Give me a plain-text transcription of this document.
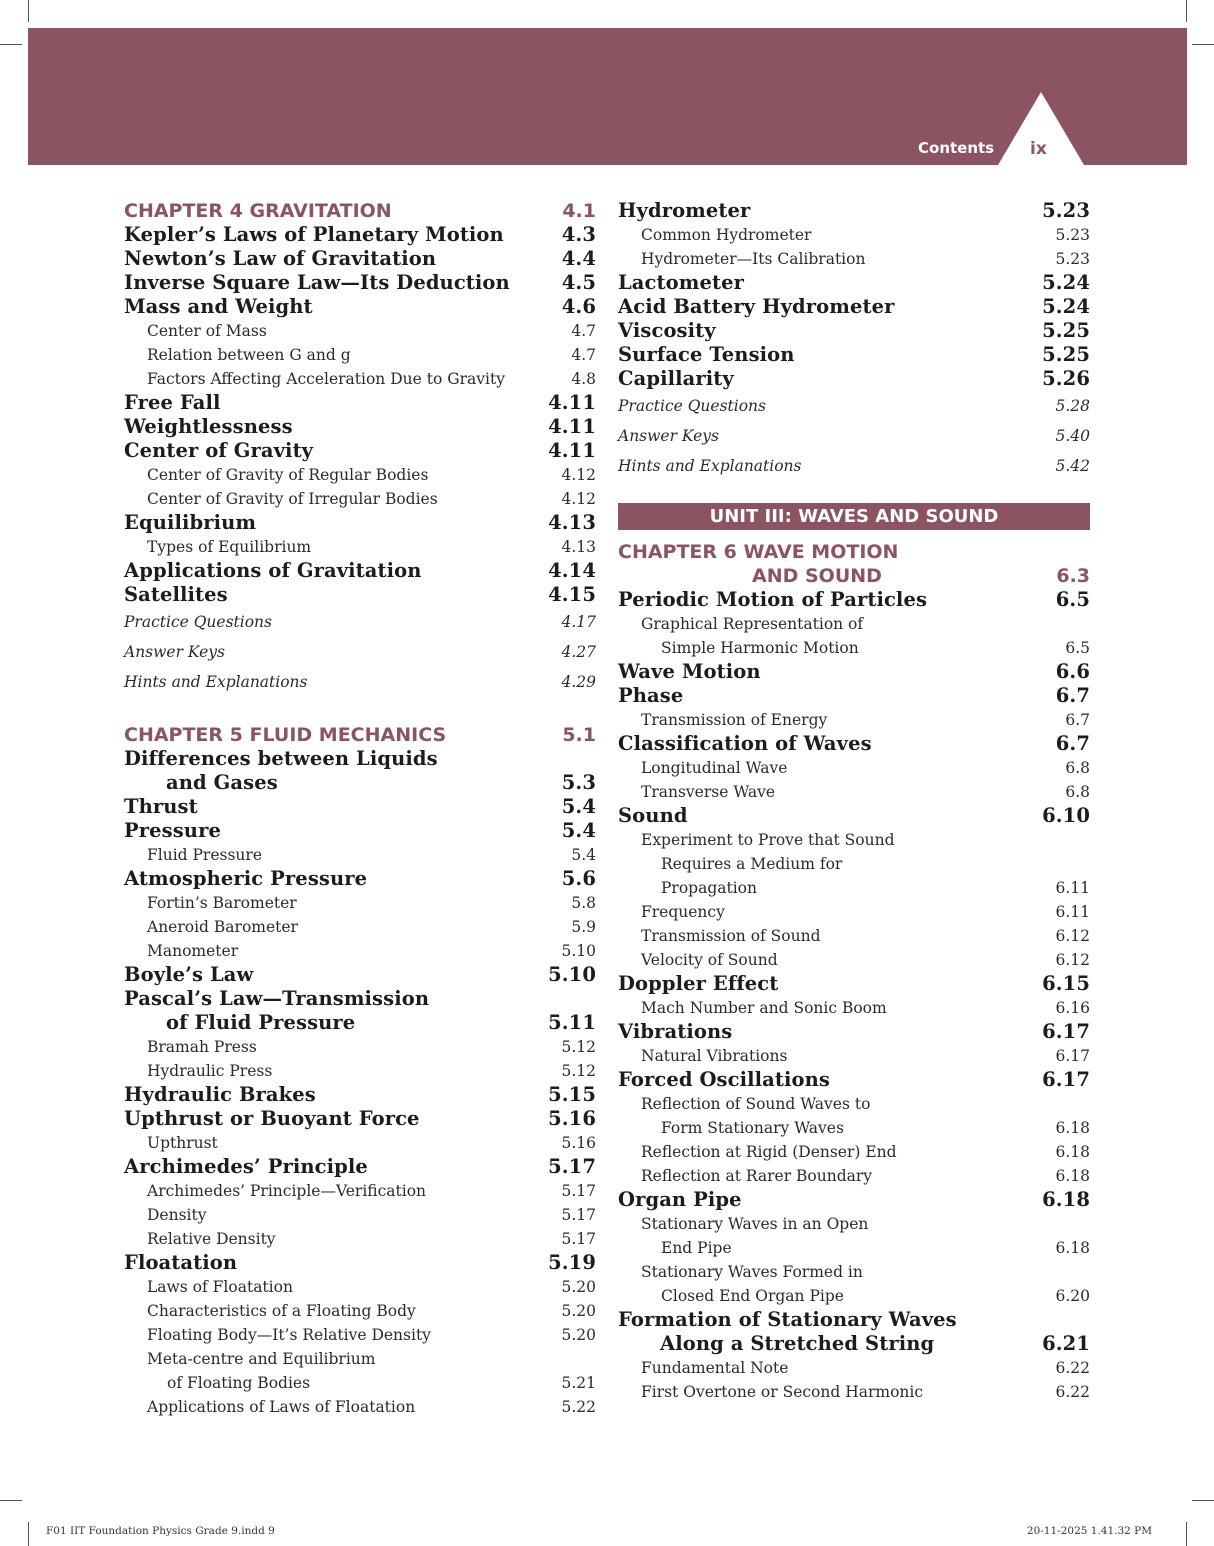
Contents ix
CHAPTER 4 GRAVITATION	4.1
Kepler’s Laws of Planetary Motion	4.3
Newton’s Law of Gravitation	4.4
Inverse Square Law—Its Deduction	4.5
Mass and Weight	4.6
Center of Mass	4.7
Relation between G and g	4.7
Factors Affecting Acceleration Due to Gravity	4.8
Free Fall	4.11
Weightlessness	4.11
Center of Gravity	4.11
Center of Gravity of Regular Bodies	4.12
Center of Gravity of Irregular Bodies	4.12
Equilibrium	4.13
Types of Equilibrium	4.13
Applications of Gravitation	4.14
Satellites	4.15
Practice Questions	4.17
Answer Keys	4.27
Hints and Explanations	4.29
CHAPTER 5 FLUID MECHANICS	5.1
Differences between Liquids
and Gases	5.3
Thrust	5.4
Pressure	5.4
Fluid Pressure	5.4
Atmospheric Pressure	5.6
Fortin’s Barometer	5.8
Aneroid Barometer	5.9
Manometer	5.10
Boyle’s Law	5.10
Pascal’s Law—Transmission
of Fluid Pressure	5.11
Bramah Press	5.12
Hydraulic Press	5.12
Hydraulic Brakes	5.15
Upthrust or Buoyant Force	5.16
Upthrust	5.16
Archimedes’ Principle	5.17
Archimedes’ Principle—Verification	5.17
Density	5.17
Relative Density	5.17
Floatation	5.19
Laws of Floatation	5.20
Characteristics of a Floating Body	5.20
Floating Body—It’s Relative Density	5.20
Meta-centre and Equilibrium
of Floating Bodies	5.21
Applications of Laws of Floatation	5.22
Hydrometer	5.23
Common Hydrometer	5.23
Hydrometer—Its Calibration	5.23
Lactometer	5.24
Acid Battery Hydrometer	5.24
Viscosity	5.25
Surface Tension	5.25
Capillarity	5.26
Practice Questions	5.28
Answer Keys	5.40
Hints and Explanations	5.42
UNIT III: WAVES AND SOUND
CHAPTER 6 WAVE MOTION
AND SOUND	6.3
Periodic Motion of Particles	6.5
Graphical Representation of
Simple Harmonic Motion	6.5
Wave Motion	6.6
Phase	6.7
Transmission of Energy	6.7
Classification of Waves	6.7
Longitudinal Wave	6.8
Transverse Wave	6.8
Sound	6.10
Experiment to Prove that Sound
Requires a Medium for
Propagation	6.11
Frequency	6.11
Transmission of Sound	6.12
Velocity of Sound	6.12
Doppler Effect	6.15
Mach Number and Sonic Boom	6.16
Vibrations	6.17
Natural Vibrations	6.17
Forced Oscillations	6.17
Reflection of Sound Waves to
Form Stationary Waves	6.18
Reflection at Rigid (Denser) End	6.18
Reflection at Rarer Boundary	6.18
Organ Pipe	6.18
Stationary Waves in an Open
End Pipe	6.18
Stationary Waves Formed in
Closed End Organ Pipe	6.20
Formation of Stationary Waves
Along a Stretched String	6.21
Fundamental Note	6.22
First Overtone or Second Harmonic	6.22
F01 IIT Foundation Physics Grade 9.indd 9	20-11-2025 1.41.32 PM
